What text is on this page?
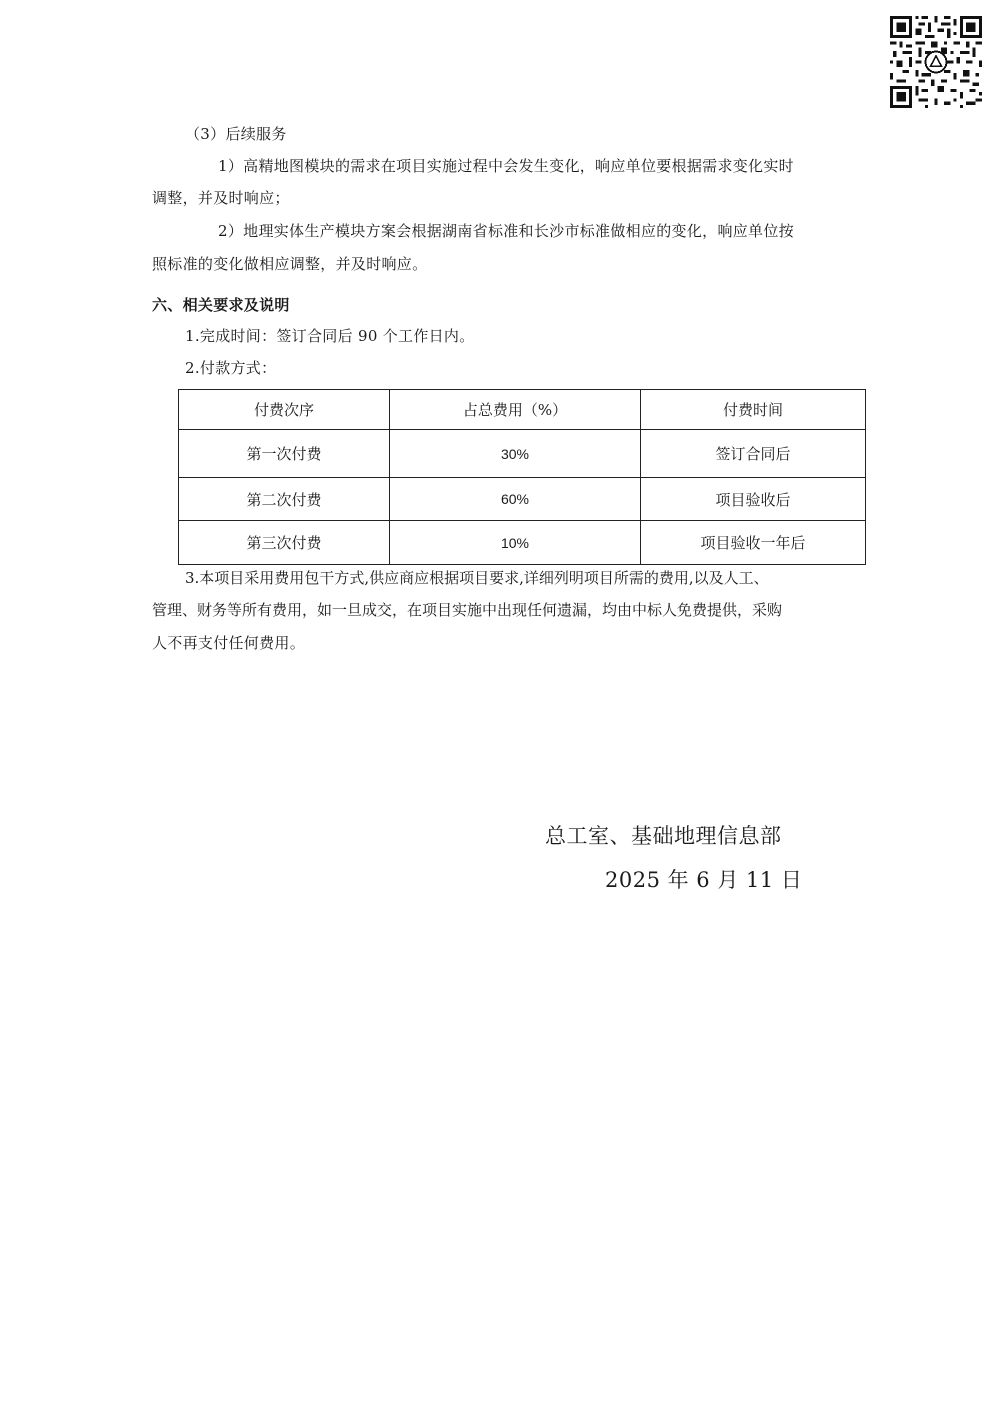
（3）后续服务
1）高精地图模块的需求在项目实施过程中会发生变化，响应单位要根据需求变化实时
调整，并及时响应；
2）地理实体生产模块方案会根据湖南省标准和长沙市标准做相应的变化，响应单位按
照标准的变化做相应调整，并及时响应。
六、相关要求及说明
1.完成时间：签订合同后 90 个工作日内。
2.付款方式：
付费次序	占总费用（%）	付费时间
第一次付费	30%	签订合同后
第二次付费	60%	项目验收后
第三次付费	10%	项目验收一年后
3.本项目采用费用包干方式,供应商应根据项目要求,详细列明项目所需的费用,以及人工、
管理、财务等所有费用，如一旦成交，在项目实施中出现任何遗漏，均由中标人免费提供，采购
人不再支付任何费用。
总工室、基础地理信息部
2025 年 6 月 11 日
